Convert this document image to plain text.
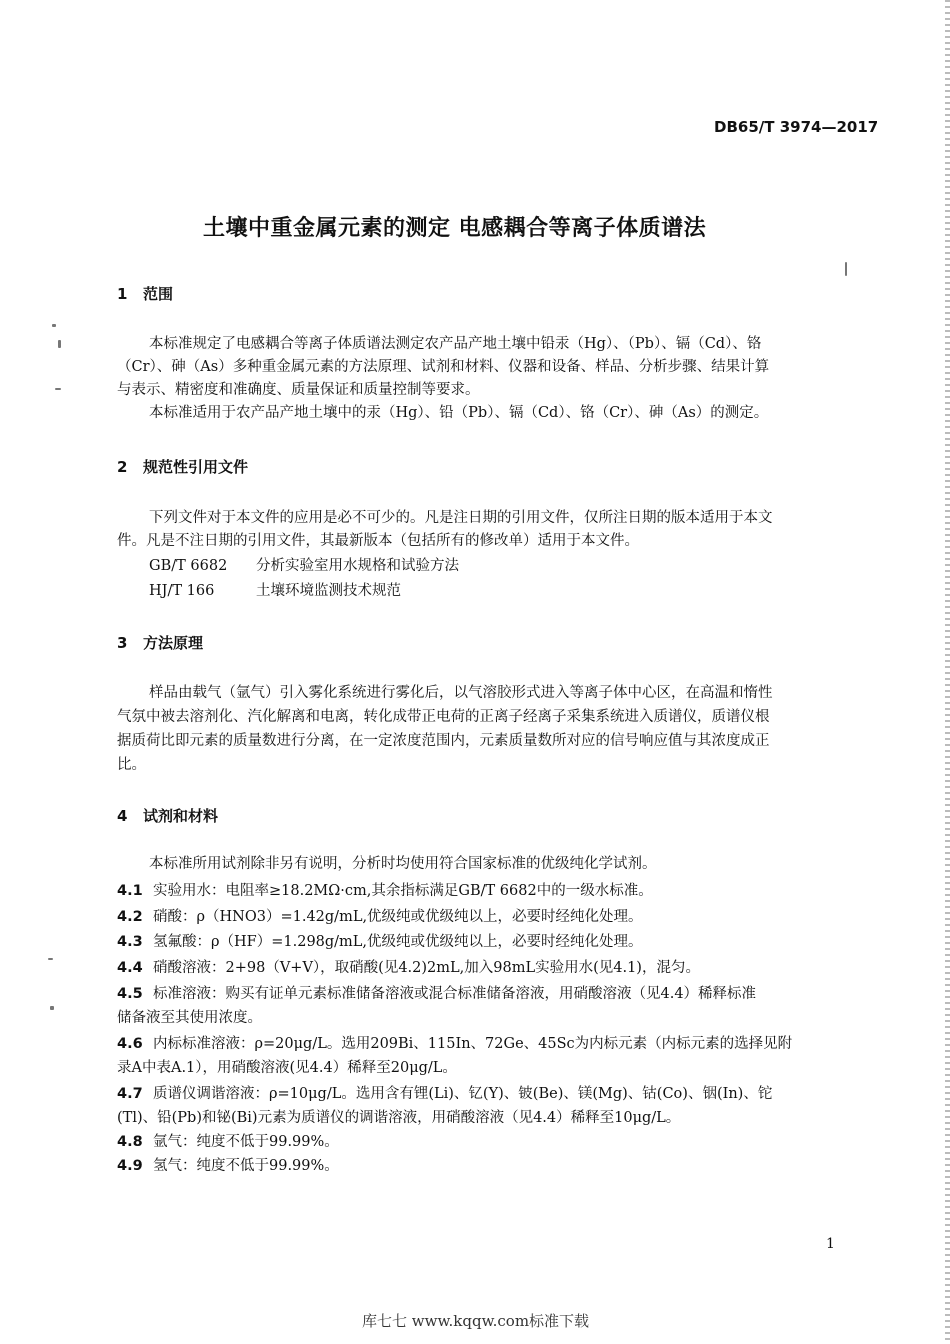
DB65/T 3974—2017
土壤中重金属元素的测定 电感耦合等离子体质谱法
1 范围
本标准规定了电感耦合等离子体质谱法测定农产品产地土壤中铅汞（Hg）、（Pb）、镉（Cd）、铬
（Cr）、砷（As）多种重金属元素的方法原理、试剂和材料、仪器和设备、样品、分析步骤、结果计算
与表示、精密度和准确度、质量保证和质量控制等要求。
本标准适用于农产品产地土壤中的汞（Hg）、铅（Pb）、镉（Cd）、铬（Cr）、砷（As）的测定。
2 规范性引用文件
下列文件对于本文件的应用是必不可少的。凡是注日期的引用文件，仅所注日期的版本适用于本文
件。凡是不注日期的引用文件，其最新版本（包括所有的修改单）适用于本文件。
GB/T 6682 分析实验室用水规格和试验方法
HJ/T 166	土壤环境监测技术规范
3 方法原理
样品由载气（氩气）引入雾化系统进行雾化后，以气溶胶形式进入等离子体中心区，在高温和惰性
气氛中被去溶剂化、汽化解离和电离，转化成带正电荷的正离子经离子采集系统进入质谱仪，质谱仪根
据质荷比即元素的质量数进行分离，在一定浓度范围内，元素质量数所对应的信号响应值与其浓度成正
比。
4 试剂和材料
本标准所用试剂除非另有说明，分析时均使用符合国家标准的优级纯化学试剂。
4.1 实验用水：电阻率≥18.2MΩ·cm,其余指标满足GB/T 6682中的一级水标准。
4.2 硝酸：ρ（HNO3）=1.42g/mL,优级纯或优级纯以上，必要时经纯化处理。
4.3 氢氟酸：ρ（HF）=1.298g/mL,优级纯或优级纯以上，必要时经纯化处理。
4.4 硝酸溶液：2+98（V+V），取硝酸(见4.2)2mL,加入98mL实验用水(见4.1)，混匀。
4.5 标准溶液：购买有证单元素标准储备溶液或混合标准储备溶液，用硝酸溶液（见4.4）稀释标准
储备液至其使用浓度。
4.6 内标标准溶液：ρ=20μg/L。选用209Bi、115In、72Ge、45Sc为内标元素（内标元素的选择见附
录A中表A.1），用硝酸溶液(见4.4）稀释至20μg/L。
4.7 质谱仪调谐溶液：ρ=10μg/L。选用含有锂(Li)、钇(Y)、铍(Be)、镁(Mg)、钴(Co)、铟(In)、铊
(Tl)、铅(Pb)和铋(Bi)元素为质谱仪的调谐溶液，用硝酸溶液（见4.4）稀释至10μg/L。
4.8 氩气：纯度不低于99.99%。
4.9 氢气：纯度不低于99.99%。
1
库七七 www.kqqw.com标准下载
